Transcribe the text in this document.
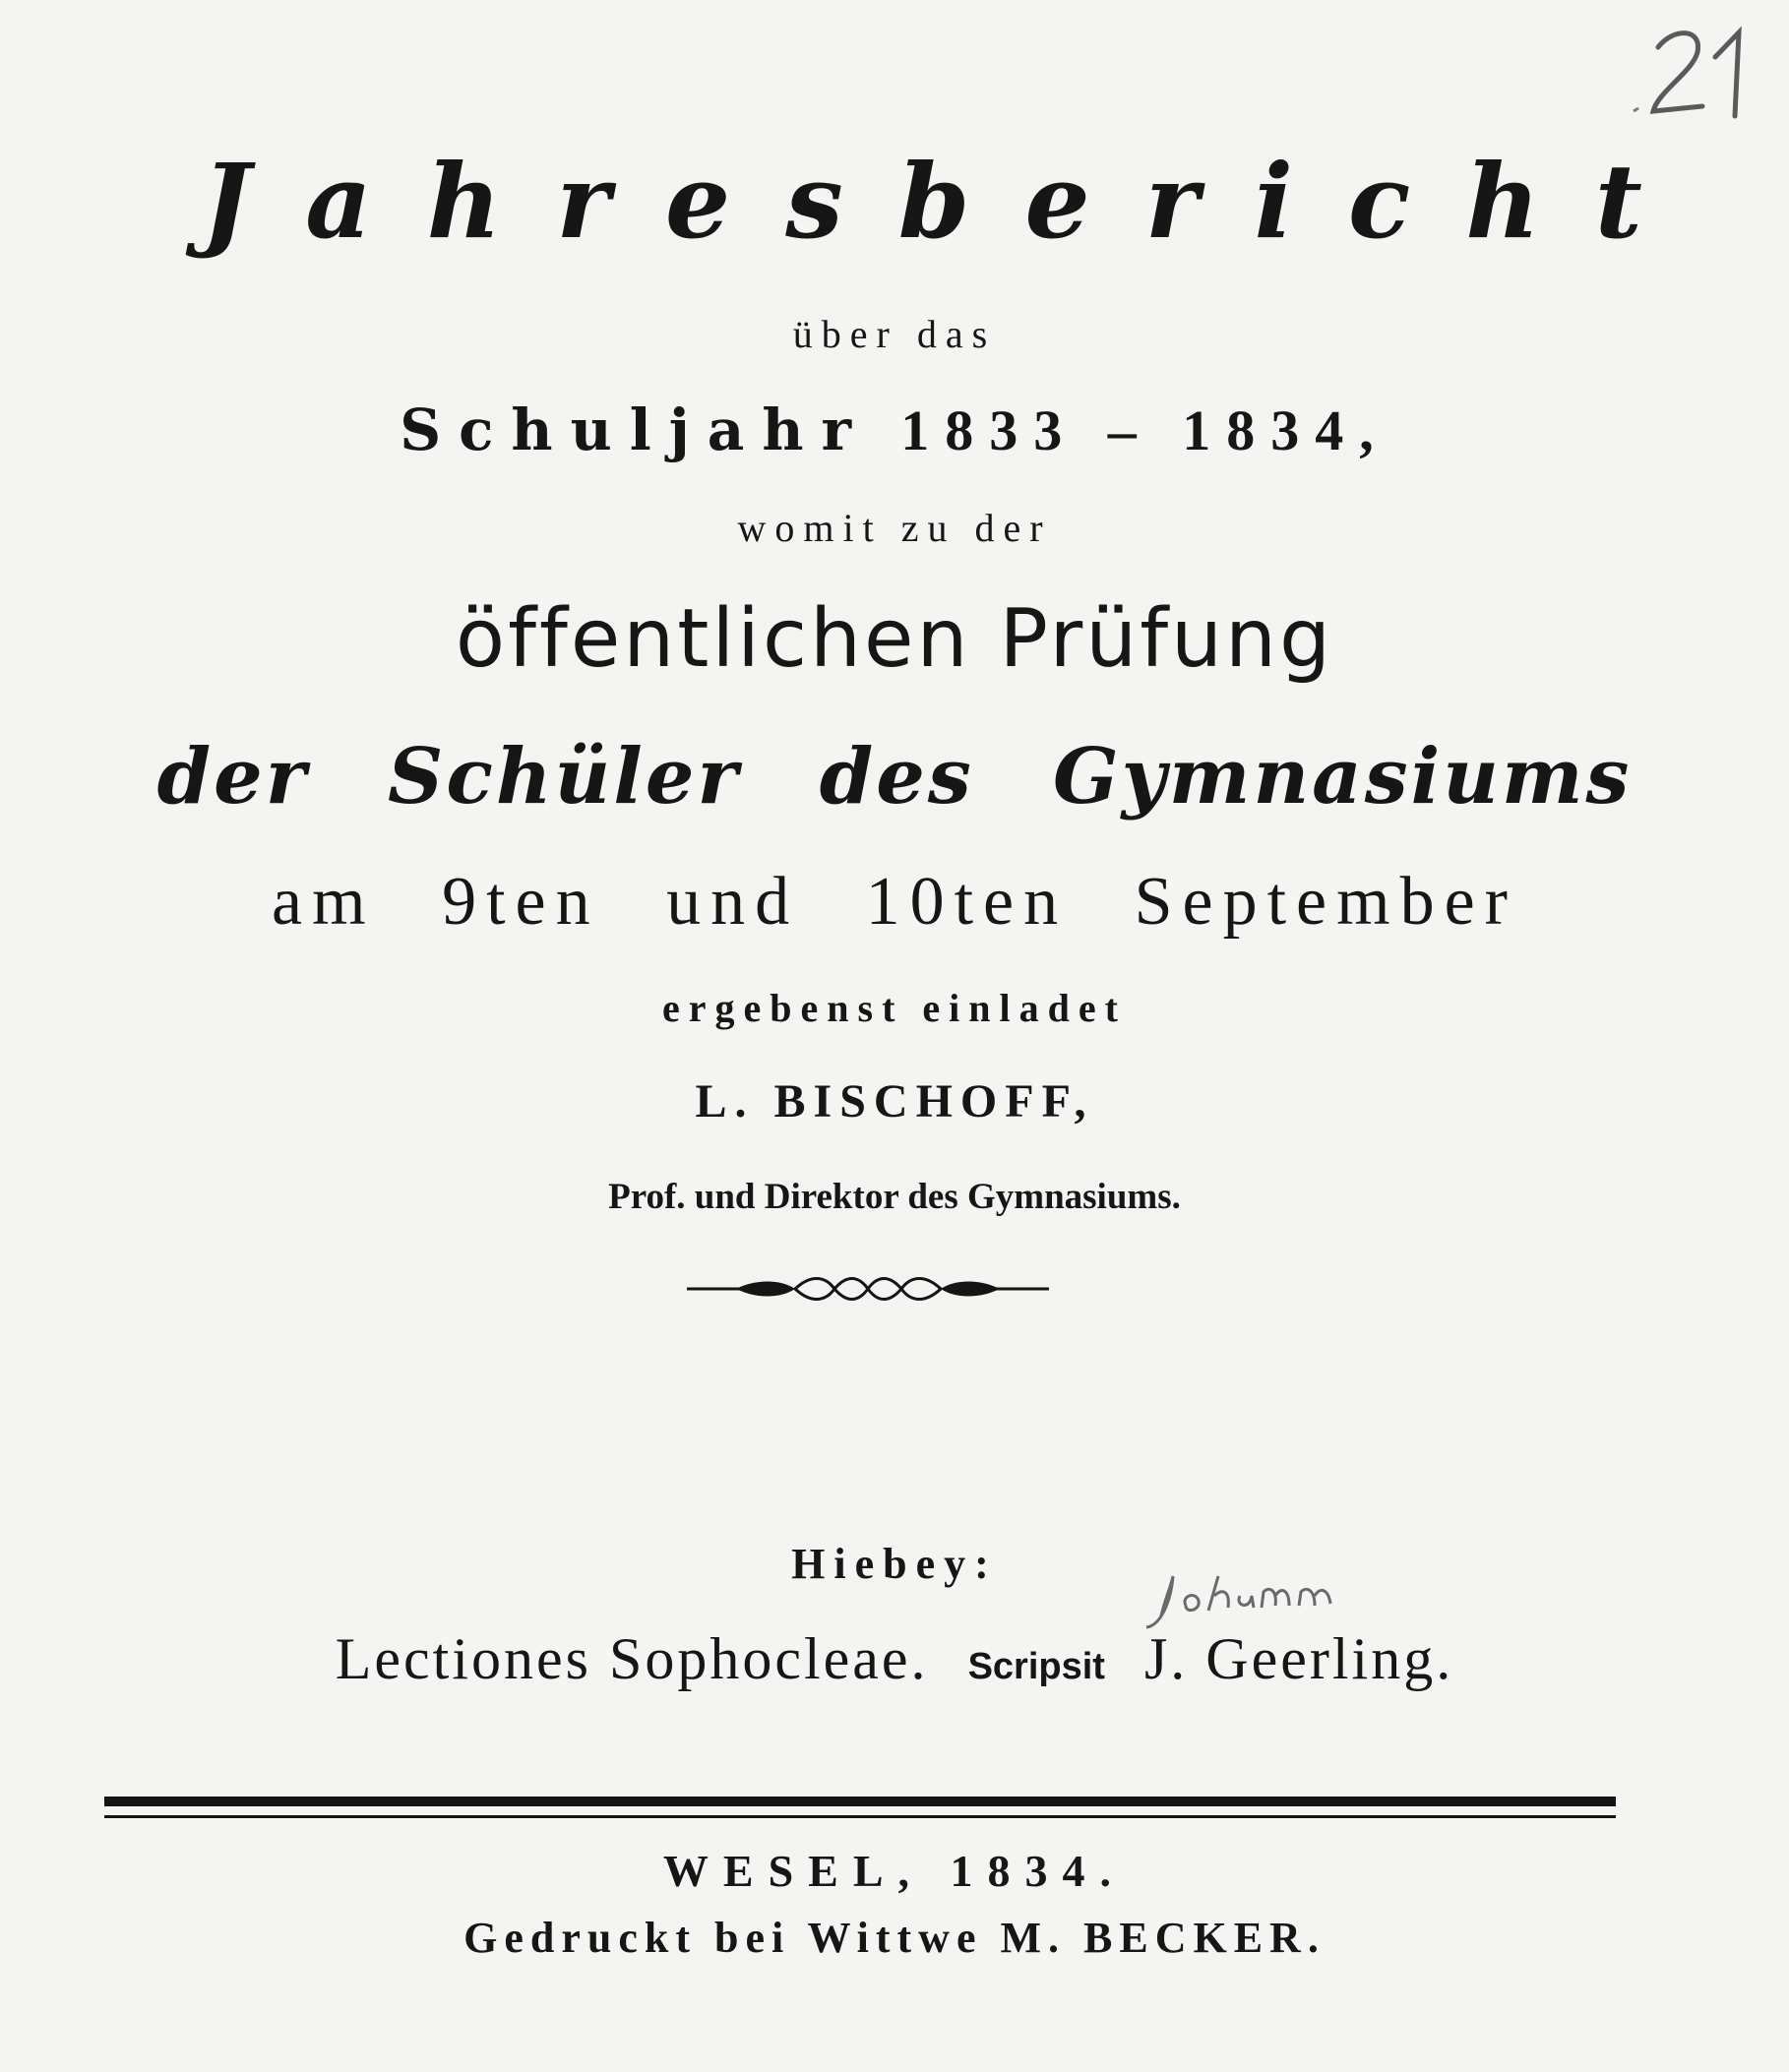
Jahresbericht
über das
Schuljahr 1833 – 1834,
womit zu der
öffentlichen Prüfung
der Schüler des Gymnasiums
am 9ten und 10ten September
ergebenst einladet
L. BISCHOFF,
Prof. und Direktor des Gymnasiums.
Hiebey:
Lectiones Sophocleae. Scripsit J. Geerling.
WESEL, 1834.
Gedruckt bei Wittwe M. BECKER.
